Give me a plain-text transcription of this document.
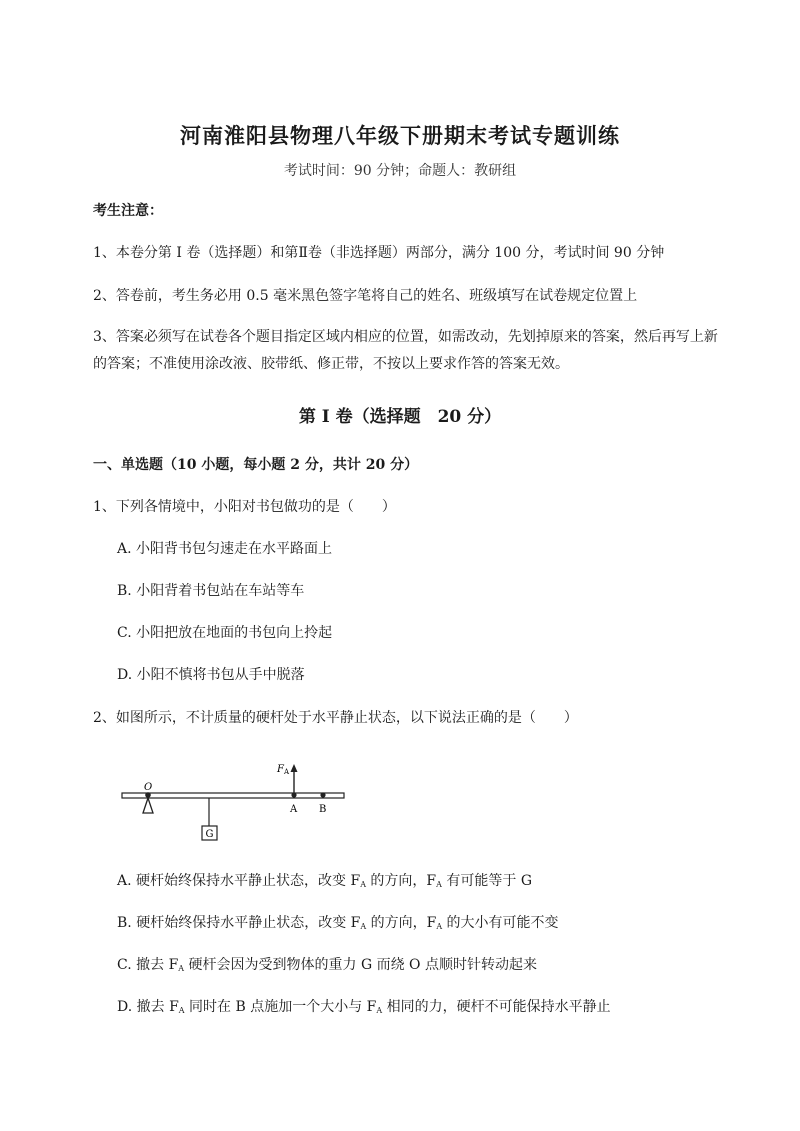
河南淮阳县物理八年级下册期末考试专题训练
考试时间：90 分钟；命题人：教研组
考生注意：
1、本卷分第 I 卷（选择题）和第Ⅱ卷（非选择题）两部分，满分 100 分，考试时间 90 分钟
2、答卷前，考生务必用 0.5 毫米黑色签字笔将自己的姓名、班级填写在试卷规定位置上
3、答案必须写在试卷各个题目指定区域内相应的位置，如需改动，先划掉原来的答案，然后再写上新
的答案；不准使用涂改液、胶带纸、修正带，不按以上要求作答的答案无效。
第 I 卷（选择题　20 分）
一、单选题（10 小题，每小题 2 分，共计 20 分）
1、下列各情境中，小阳对书包做功的是（　　）
A. 小阳背书包匀速走在水平路面上
B. 小阳背着书包站在车站等车
C. 小阳把放在地面的书包向上拎起
D. 小阳不慎将书包从手中脱落
2、如图所示，不计质量的硬杆处于水平静止状态，以下说法正确的是（　　）
O
G
$F_A$
A B
A. 硬杆始终保持水平静止状态，改变 $F_A$ 的方向，$F_A$ 有可能等于 G
B. 硬杆始终保持水平静止状态，改变 $F_A$ 的方向，$F_A$ 的大小有可能不变
C. 撤去 $F_A$ 硬杆会因为受到物体的重力 G 而绕 O 点顺时针转动起来
D. 撤去 $F_A$ 同时在 B 点施加一个大小与 $F_A$ 相同的力，硬杆不可能保持水平静止
